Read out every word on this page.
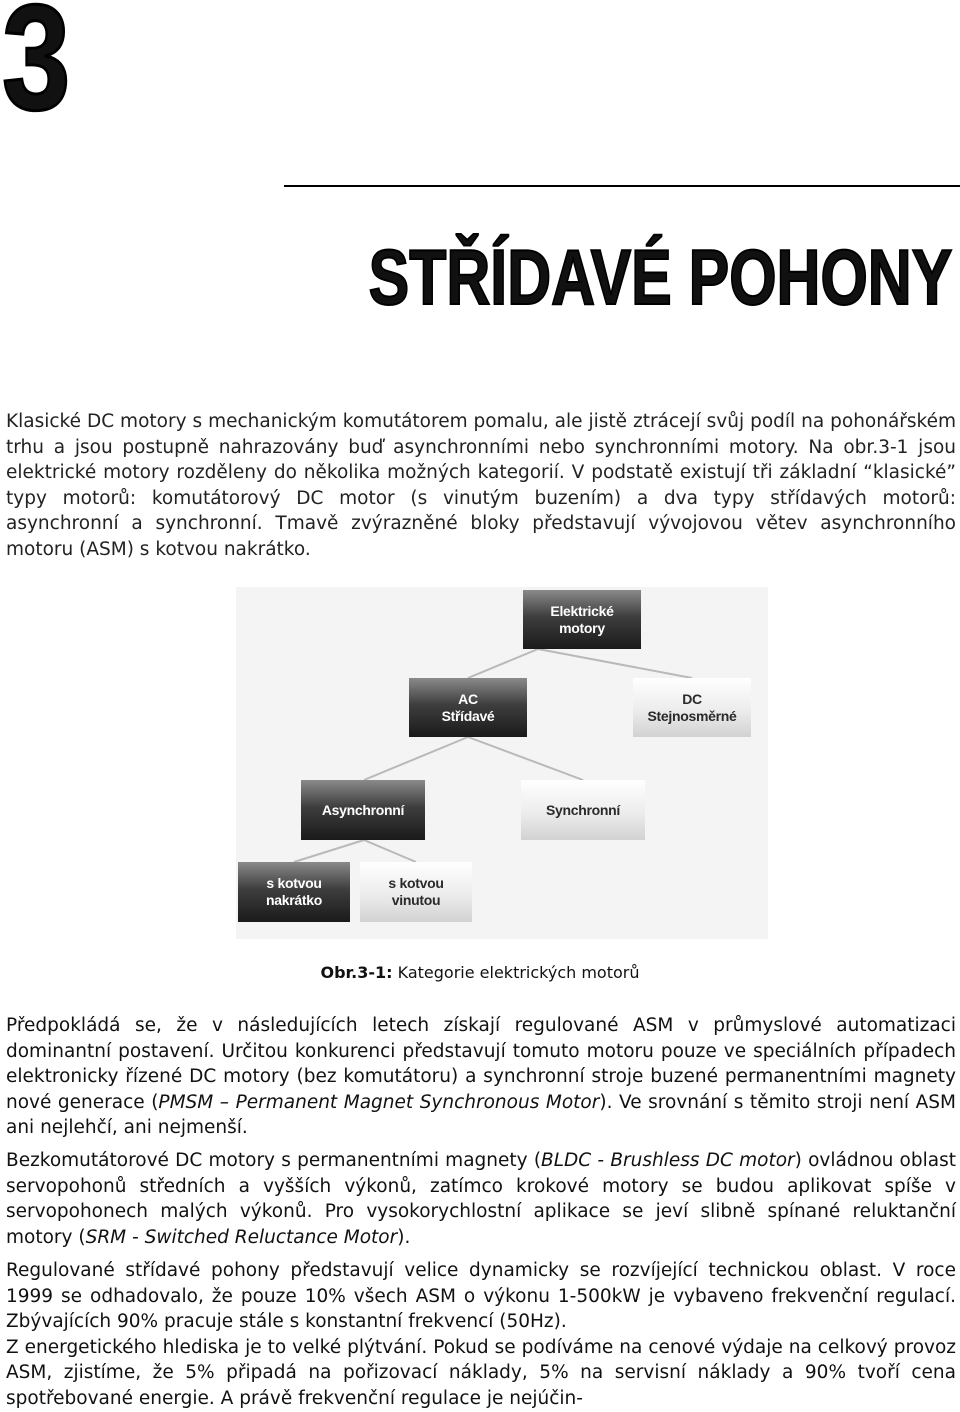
3
STŘÍDAVÉ POHONY

Klasické DC motory s mechanickým komutátorem pomalu, ale jistě ztrácejí svůj podíl na pohonářském trhu a jsou postupně nahrazovány buď asynchronními nebo synchronními motory. Na obr.3-1 jsou elektrické motory rozděleny do několika možných kategorií. V podstatě existují tři základní “klasické” typy motorů: komutátorový DC motor (s vinutým buzením) a dva typy střídavých motorů: asynchronní a synchronní. Tmavě zvýrazněné bloky představují vývojovou větev asynchronního motoru (ASM) s kotvou nakrátko.

Elektrické
motory
AC
Střídavé
DC
Stejnosměrné
Asynchronní	Synchronní
s kotvou
nakrátko
s kotvou
vinutou
Obr.3-1: Kategorie elektrických motorů

Předpokládá se, že v následujících letech získají regulované ASM v průmyslové automatizaci dominantní postavení. Určitou konkurenci představují tomuto motoru pouze ve speciálních případech elektronicky řízené DC motory (bez komutátoru) a synchronní stroje buzené permanentními magnety nové generace (PMSM – Permanent Magnet Synchronous Motor). Ve srovnání s těmito stroji není ASM ani nejlehčí, ani nejmenší.

Bezkomutátorové DC motory s permanentními magnety (BLDC - Brushless DC motor) ovládnou oblast servopohonů středních a vyšších výkonů, zatímco krokové motory se budou aplikovat spíše v servopohonech malých výkonů. Pro vysokorychlostní aplikace se jeví slibně spínané reluktanční motory (SRM - Switched Reluctance Motor).

Regulované střídavé pohony představují velice dynamicky se rozvíjející technickou oblast. V roce 1999 se odhadovalo, že pouze 10% všech ASM o výkonu 1-500kW je vybaveno frekvenční regulací. Zbývajících 90% pracuje stále s konstantní frekvencí (50Hz).
Z energetického hlediska je to velké plýtvání. Pokud se podíváme na cenové výdaje na celkový provoz ASM, zjistíme, že 5% připadá na pořizovací náklady, 5% na servisní náklady a 90% tvoří cena spotřebované energie. A právě frekvenční regulace je nejúčin-
